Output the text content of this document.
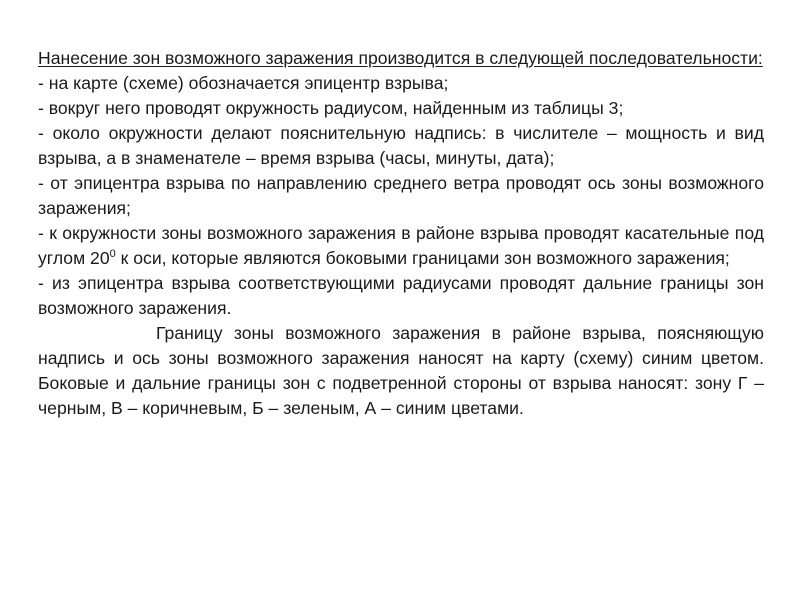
Нанесение зон возможного заражения производится в следующей последовательности:

- на карте (схеме) обозначается эпицентр взрыва;

- вокруг него проводят окружность радиусом, найденным из таблицы 3;

- около окружности делают пояснительную надпись: в числителе – мощность и вид взрыва, а в знаменателе – время взрыва (часы, минуты, дата);

- от эпицентра взрыва по направлению среднего ветра проводят ось зоны возможного заражения;

- к окружности зоны возможного заражения в районе взрыва проводят касательные под углом $20^0$ к оси, которые являются боковыми границами зон возможного заражения;

- из эпицентра взрыва соответствующими радиусами проводят дальние границы зон возможного заражения.

Границу зоны возможного заражения в районе взрыва, поясняющую надпись и ось зоны возможного заражения наносят на карту (схему) синим цветом. Боковые и дальние границы зон с подветренной стороны от взрыва наносят: зону Г – черным, В – коричневым, Б – зеленым, А – синим цветами.
